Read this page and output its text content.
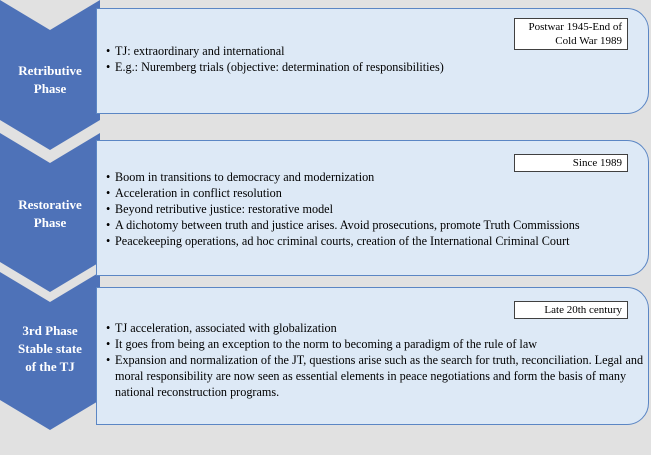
Retributive
Phase
Postwar 1945-End of Cold War 1989
• TJ: extraordinary and international
• E.g.: Nuremberg trials (objective: determination of responsibilities)
Restorative
Phase
Since 1989
• Boom in transitions to democracy and modernization
• Acceleration in conflict resolution
• Beyond retributive justice: restorative model
• A dichotomy between truth and justice arises. Avoid prosecutions, promote Truth Commissions
• Peacekeeping operations, ad hoc criminal courts, creation of the International Criminal Court
3rd Phase
Stable state
of the TJ
Late 20th century
• TJ acceleration, associated with globalization
• It goes from being an exception to the norm to becoming a paradigm of the rule of law
• Expansion and normalization of the JT, questions arise such as the search for truth, reconciliation. Legal and moral responsibility are now seen as essential elements in peace negotiations and form the basis of many national reconstruction programs.
